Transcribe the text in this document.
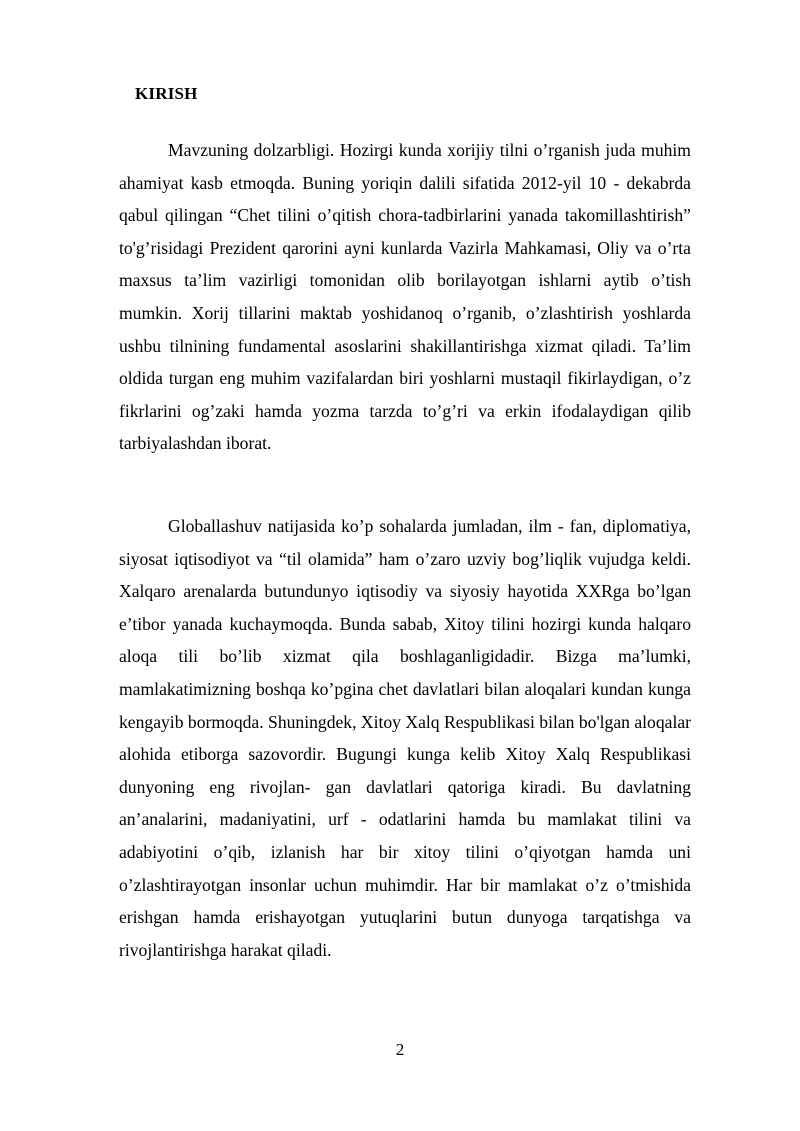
KIRISH

Mavzuning dolzarbligi. Hozirgi kunda xorijiy tilni o’rganish juda muhim ahamiyat kasb etmoqda. Buning yoriqin dalili sifatida 2012-yil 10 - dekabrda qabul qilingan “Chet tilini o’qitish chora-tadbirlarini yanada takomillashtirish” to'g’risidagi Prezident qarorini ayni kunlarda Vazirla Mahkamasi, Oliy va o’rta maxsus ta’lim vazirligi tomonidan olib borilayotgan ishlarni aytib o’tish mumkin. Xorij tillarini maktab yoshidanoq o’rganib, o’zlashtirish yoshlarda ushbu tilnining fundamental asoslarini shakillantirishga xizmat qiladi. Ta’lim oldida turgan eng muhim vazifalardan biri yoshlarni mustaqil fikirlaydigan, o’z fikrlarini og’zaki hamda yozma tarzda to’g’ri va erkin ifodalaydigan qilib tarbiyalashdan iborat.

Globallashuv natijasida ko’p sohalarda jumladan, ilm - fan, diplomatiya, siyosat iqtisodiyot va “til olamida” ham o’zaro uzviy bog’liqlik vujudga keldi. Xalqaro arenalarda butundunyo iqtisodiy va siyosiy hayotida XXRga bo’lgan e’tibor yanada kuchaymoqda. Bunda sabab, Xitoy tilini hozirgi kunda halqaro aloqa tili bo’lib xizmat qila boshlaganligidadir. Bizga ma’lumki, mamlakatimizning boshqa ko’pgina chet davlatlari bilan aloqalari kundan kunga kengayib bormoqda. Shuningdek, Xitoy Xalq Respublikasi bilan bo'lgan aloqalar alohida etiborga sazovordir. Bugungi kunga kelib Xitoy Xalq Respublikasi dunyoning eng rivojlan- gan davlatlari qatoriga kiradi. Bu davlatning an’analarini, madaniyatini, urf - odatlarini hamda bu mamlakat tilini va adabiyotini o’qib, izlanish har bir xitoy tilini o’qiyotgan hamda uni o’zlashtirayotgan insonlar uchun muhimdir. Har bir mamlakat o’z o’tmishida erishgan hamda erishayotgan yutuqlarini butun dunyoga tarqatishga va rivojlantirishga harakat qiladi.

2
